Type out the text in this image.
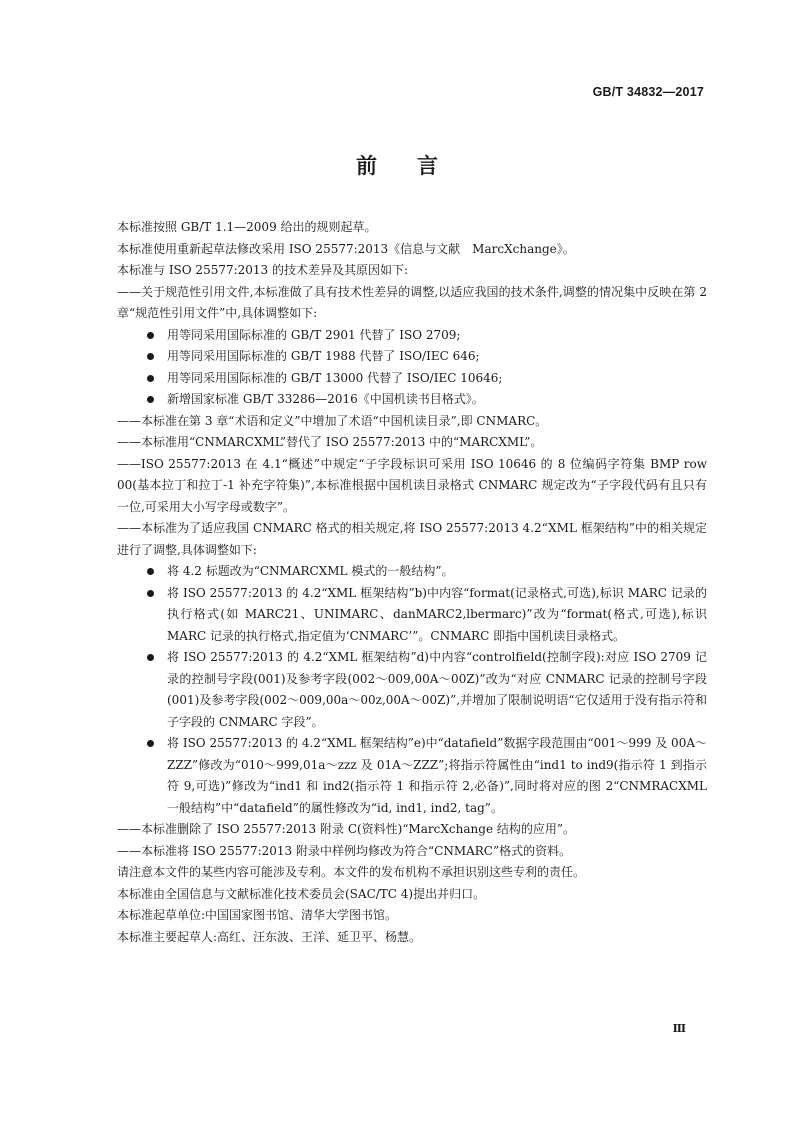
GB/T 34832—2017
前言

本标准按照 GB/T 1.1—2009 给出的规则起草。

本标准使用重新起草法修改采用 ISO 25577:2013《信息与文献　MarcXchange》。

本标准与 ISO 25577:2013 的技术差异及其原因如下:

——关于规范性引用文件,本标准做了具有技术性差异的调整,以适应我国的技术条件,调整的情况集中反映在第 2 章“规范性引用文件”中,具体调整如下:

用等同采用国际标准的 GB/T 2901 代替了 ISO 2709;
用等同采用国际标准的 GB/T 1988 代替了 ISO/IEC 646;
用等同采用国际标准的 GB/T 13000 代替了 ISO/IEC 10646;
新增国家标准 GB/T 33286—2016《中国机读书目格式》。

——本标准在第 3 章“术语和定义”中增加了术语“中国机读目录”,即 CNMARC。

——本标准用“CNMARCXML”替代了 ISO 25577:2013 中的“MARCXML”。

——ISO 25577:2013 在 4.1“概述”中规定“子字段标识可采用 ISO 10646 的 8 位编码字符集 BMP row 00(基本拉丁和拉丁-1 补充字符集)”,本标准根据中国机读目录格式 CNMARC 规定改为“子字段代码有且只有一位,可采用大小写字母或数字”。

——本标准为了适应我国 CNMARC 格式的相关规定,将 ISO 25577:2013 4.2“XML 框架结构”中的相关规定进行了调整,具体调整如下:

将 4.2 标题改为“CNMARCXML 模式的一般结构”。
将 ISO 25577:2013 的 4.2“XML 框架结构”b)中内容“format(记录格式,可选),标识 MARC 记录的执行格式(如 MARC21、UNIMARC、danMARC2,lbermarc)”改为“format(格式,可选),标识 MARC 记录的执行格式,指定值为‘CNMARC’”。CNMARC 即指中国机读目录格式。
将 ISO 25577:2013 的 4.2“XML 框架结构”d)中内容“controlfield(控制字段):对应 ISO 2709 记录的控制号字段(001)及参考字段(002～009,00A～00Z)”改为“对应 CNMARC 记录的控制号字段(001)及参考字段(002～009,00a～00z,00A～00Z)”,并增加了限制说明语“它仅适用于没有指示符和子字段的 CNMARC 字段”。
将 ISO 25577:2013 的 4.2“XML 框架结构”e)中“datafield”数据字段范围由“001～999 及 00A～ZZZ”修改为“010～999,01a～zzz 及 01A～ZZZ”;将指示符属性由“ind1 to ind9(指示符 1 到指示符 9,可选)”修改为“ind1 和 ind2(指示符 1 和指示符 2,必备)”,同时将对应的图 2“CNMRACXML 一般结构”中“datafield”的属性修改为“id, ind1, ind2, tag”。

——本标准删除了 ISO 25577:2013 附录 C(资料性)“MarcXchange 结构的应用”。

——本标准将 ISO 25577:2013 附录中样例均修改为符合“CNMARC”格式的资料。

请注意本文件的某些内容可能涉及专利。本文件的发布机构不承担识别这些专利的责任。

本标准由全国信息与文献标准化技术委员会(SAC/TC 4)提出并归口。

本标准起草单位:中国国家图书馆、清华大学图书馆。

本标准主要起草人:高红、汪东波、王洋、延卫平、杨慧。

Ⅲ
